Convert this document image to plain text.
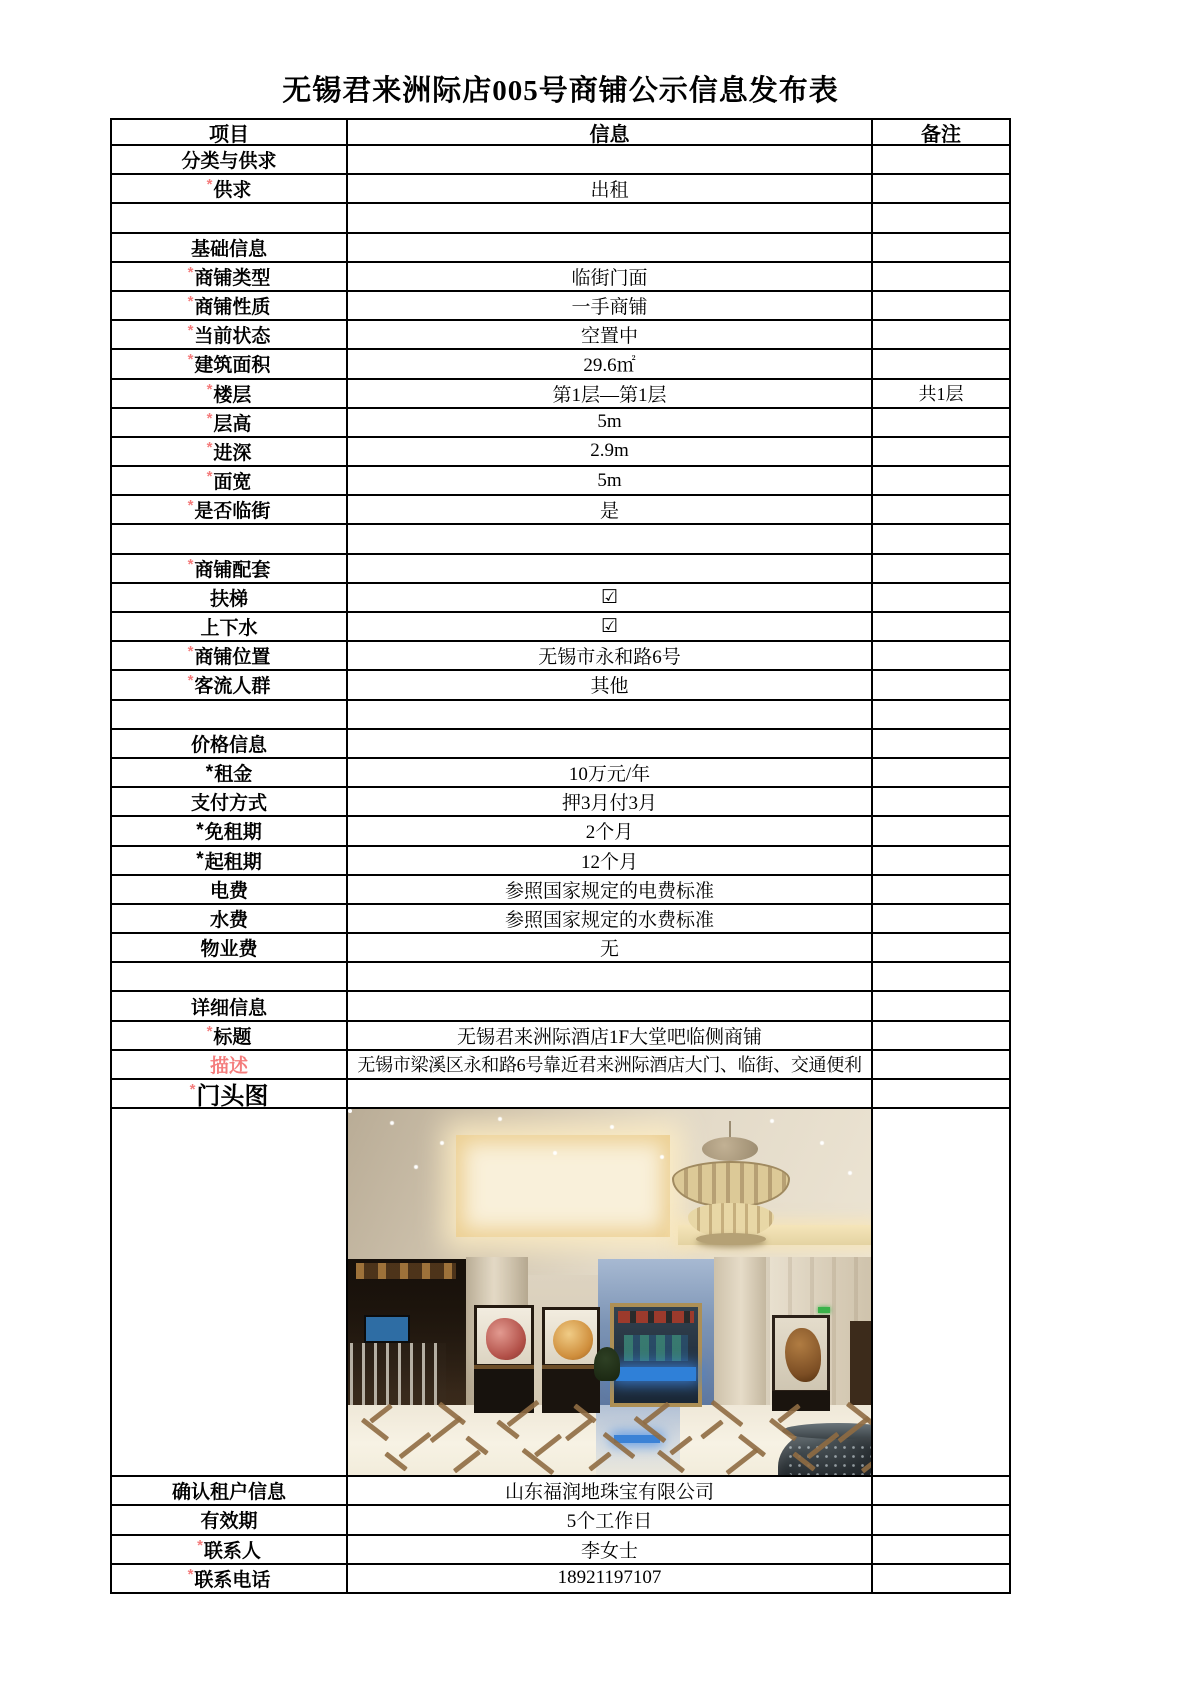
无锡君来洲际店005号商铺公示信息发布表
项目	信息	备注
分类与供求
* 供求	出租
基础信息
* 商铺类型	临街门面
* 商铺性质	一手商铺
* 当前状态	空置中
* 建筑面积	29.6㎡
* 楼层	第1层—第1层	共1层
* 层高	5m
* 进深	2.9m
* 面宽	5m
* 是否临街	是
* 商铺配套
扶梯	☑
上下水	☑
* 商铺位置	无锡市永和路6号
* 客流人群	其他
价格信息
* 租金	10万元/年
支付方式	押3月付3月
* 免租期	2个月
* 起租期	12个月
电费	参照国家规定的电费标准
水费	参照国家规定的水费标准
物业费	无
详细信息
* 标题	无锡君来洲际酒店1F大堂吧临侧商铺
描述	无锡市梁溪区永和路6号靠近君来洲际酒店大门、临街、交通便利
* 门头图
确认租户信息	山东福润地珠宝有限公司
有效期	5个工作日
* 联系人	李女士
* 联系电话	18921197107
